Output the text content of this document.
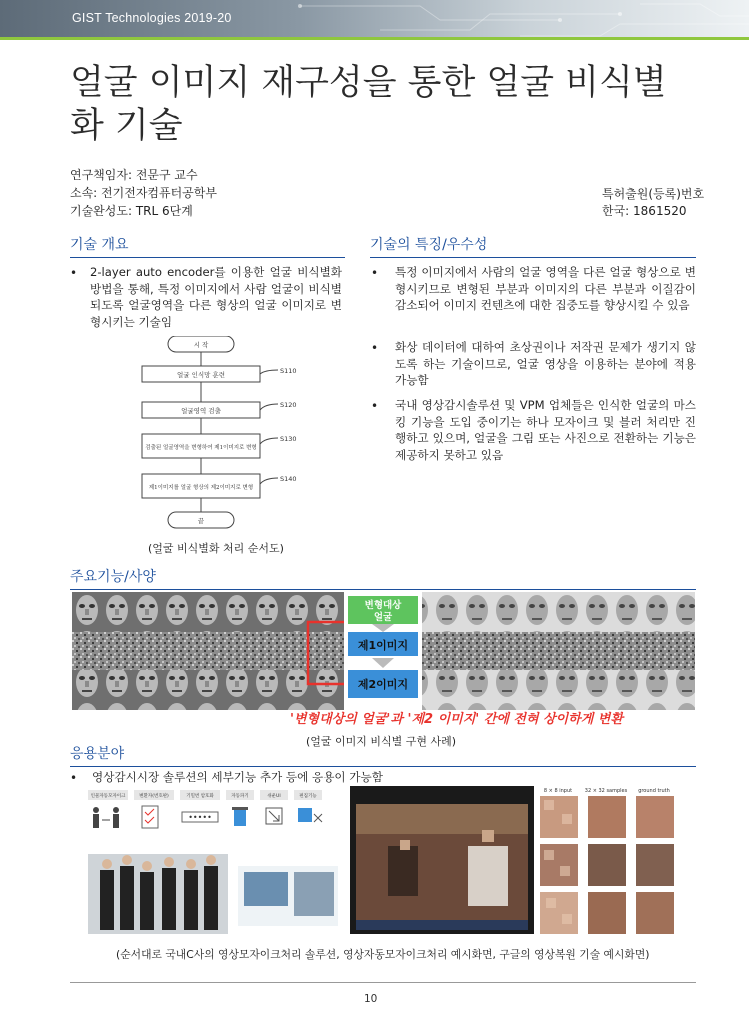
GIST Technologies 2019-20
얼굴 이미지 재구성을 통한 얼굴 비식별화 기술
연구책임자: 전문구 교수
소속: 전기전자컴퓨터공학부
기술완성도: TRL 6단계
특허출원(등록)번호
한국: 1861520
기술 개요
• 2-layer auto encoder를 이용한 얼굴 비식별화 방법을 통해, 특정 이미지에서 사람 얼굴이 비식별되도록 얼굴영역을 다른 형상의 얼굴 이미지로 변형시키는 기술임
시 작
얼굴 인식망 훈련
얼굴영역 검출
검출된 얼굴영역을 변형하여 제1이미지로 변형
제1이미지를 얼굴 형상의 제2이미지로 변형
끝
S110
S120
S130
S140
(얼굴 비식별화 처리 순서도)
기술의 특징/우수성
• 특정 이미지에서 사람의 얼굴 영역을 다른 얼굴 형상으로 변형시키므로 변형된 부분과 이미지의 다른 부분과 이질감이 감소되어 이미지 컨텐츠에 대한 집중도를 향상시킬 수 있음
• 화상 데이터에 대하여 초상권이나 저작권 문제가 생기지 않도록 하는 기술이므로, 얼굴 영상을 이용하는 분야에 적용 가능함
• 국내 영상감시솔루션 및 VPM 업체들은 인식한 얼굴의 마스킹 기능을 도입 중이기는 하나 모자이크 및 블러 처리만 진행하고 있으며, 얼굴을 그림 또는 사진으로 전환하는 기능은 제공하지 못하고 있음
주요기능/사양
변형대상
얼굴
제1이미지
제2이미지
'변형대상의 얼굴'과 '제2 이미지' 간에 전혀 상이하게 변환
(얼굴 이미지 비식별 구현 사례)
응용분야
• 영상감시시장 솔루션의 세부기능 추가 등에 응용이 가능함
인물자동모자이크	변환자(번호판)	기밀번 암호화	자동파기	쉬운UI	편집기능
•••••
8 × 8 input	32 × 32 samples ground truth
(순서대로 국내C사의 영상모자이크처리 솔루션, 영상자동모자이크처리 예시화면, 구글의 영상복원 기술 예시화면)
10
